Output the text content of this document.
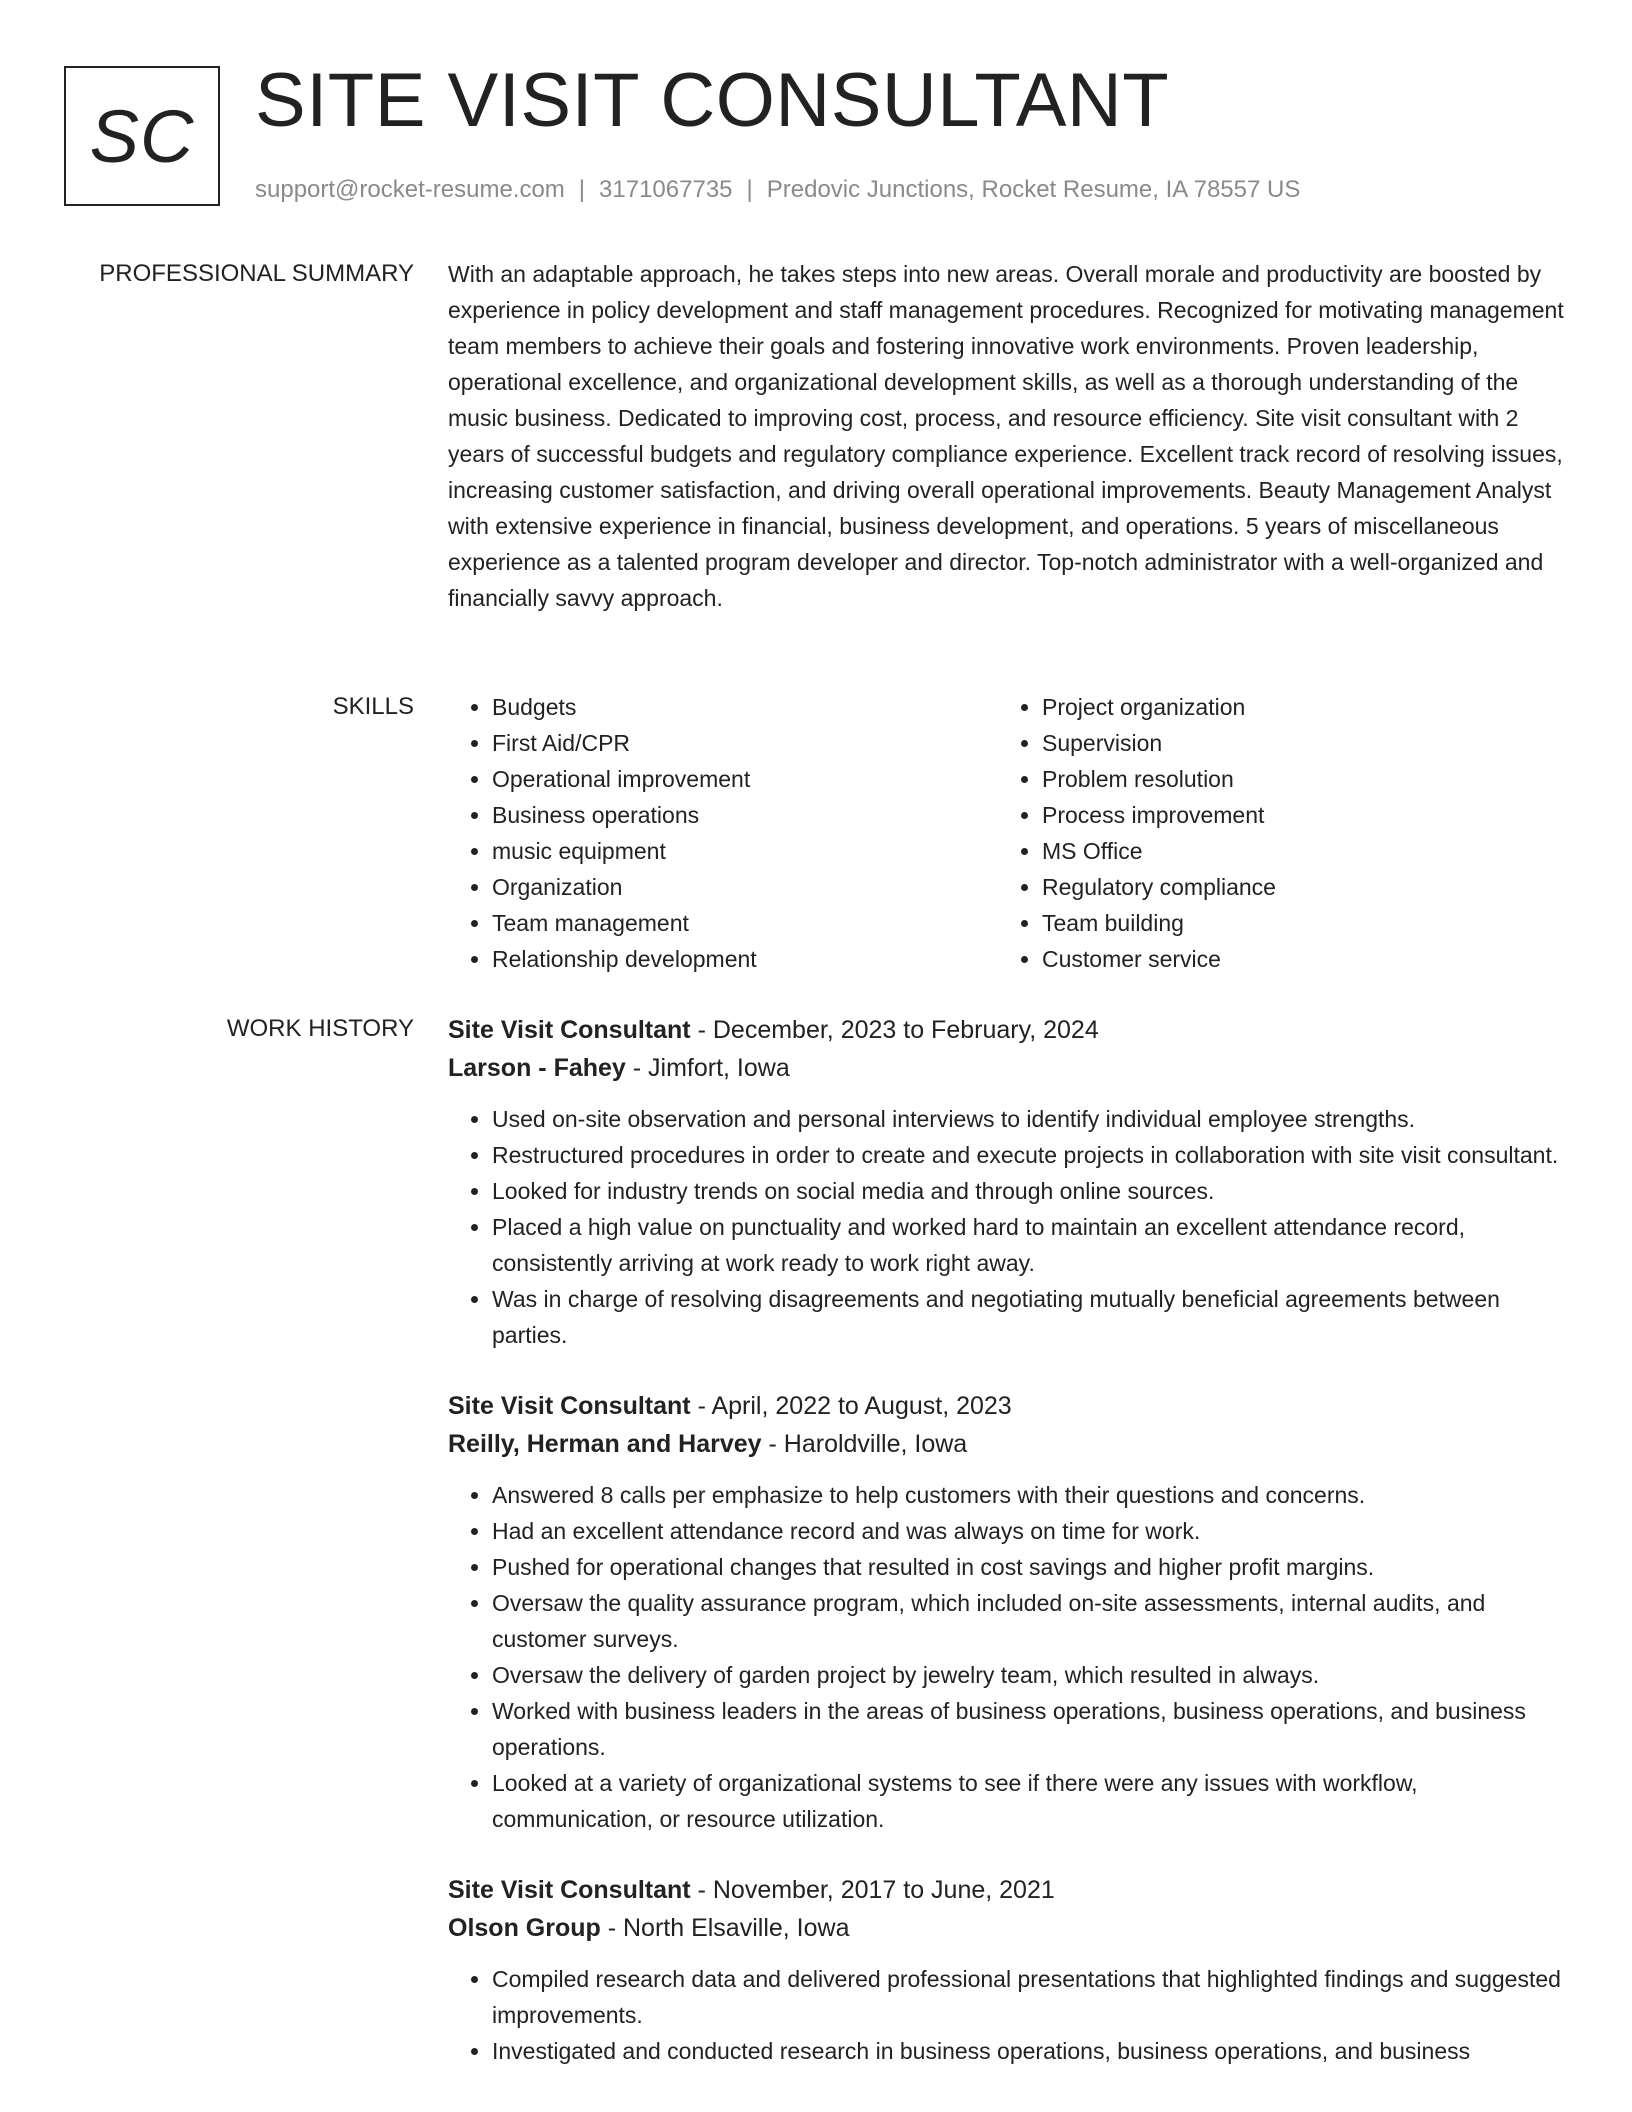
SC SITE VISIT CONSULTANT
support@rocket-resume.com | 3171067735 | Predovic Junctions, Rocket Resume, IA 78557 US
PROFESSIONAL SUMMARY With an adaptable approach, he takes steps into new areas. Overall morale and productivity are boosted by experience in policy development and staff management procedures. Recognized for motivating management team members to achieve their goals and fostering innovative work environments. Proven leadership, operational excellence, and organizational development skills, as well as a thorough understanding of the music business. Dedicated to improving cost, process, and resource efficiency. Site visit consultant with 2 years of successful budgets and regulatory compliance experience. Excellent track record of resolving issues, increasing customer satisfaction, and driving overall operational improvements. Beauty Management Analyst with extensive experience in financial, business development, and operations. 5 years of miscellaneous experience as a talented program developer and director. Top-notch administrator with a well-organized and financially savvy approach.

SKILLS
•	Budgets
• First Aid/CPR
• Operational improvement
• Business operations
• music equipment
• Organization
• Team management
• Relationship development
• Project organization
• Supervision
• Problem resolution
• Process improvement
• MS Office
• Regulatory compliance
• Team building
• Customer service
WORK HISTORY Site Visit Consultant - December, 2023 to February, 2024
Larson - Fahey - Jimfort, Iowa
• Used on-site observation and personal interviews to identify individual employee strengths.
• Restructured procedures in order to create and execute projects in collaboration with site visit consultant.
• Looked for industry trends on social media and through online sources.
• Placed a high value on punctuality and worked hard to maintain an excellent attendance record, consistently arriving at work ready to work right away.
• Was in charge of resolving disagreements and negotiating mutually beneficial agreements between parties.
Site Visit Consultant - April, 2022 to August, 2023
Reilly, Herman and Harvey - Haroldville, Iowa
• Answered 8 calls per emphasize to help customers with their questions and concerns.
• Had an excellent attendance record and was always on time for work.
• Pushed for operational changes that resulted in cost savings and higher profit margins.
• Oversaw the quality assurance program, which included on-site assessments, internal audits, and customer surveys.
• Oversaw the delivery of garden project by jewelry team, which resulted in always.
• Worked with business leaders in the areas of business operations, business operations, and business operations.
• Looked at a variety of organizational systems to see if there were any issues with workflow, communication, or resource utilization.
Site Visit Consultant - November, 2017 to June, 2021
Olson Group - North Elsaville, Iowa
• Compiled research data and delivered professional presentations that highlighted findings and suggested improvements.
• Investigated and conducted research in business operations, business operations, and business
